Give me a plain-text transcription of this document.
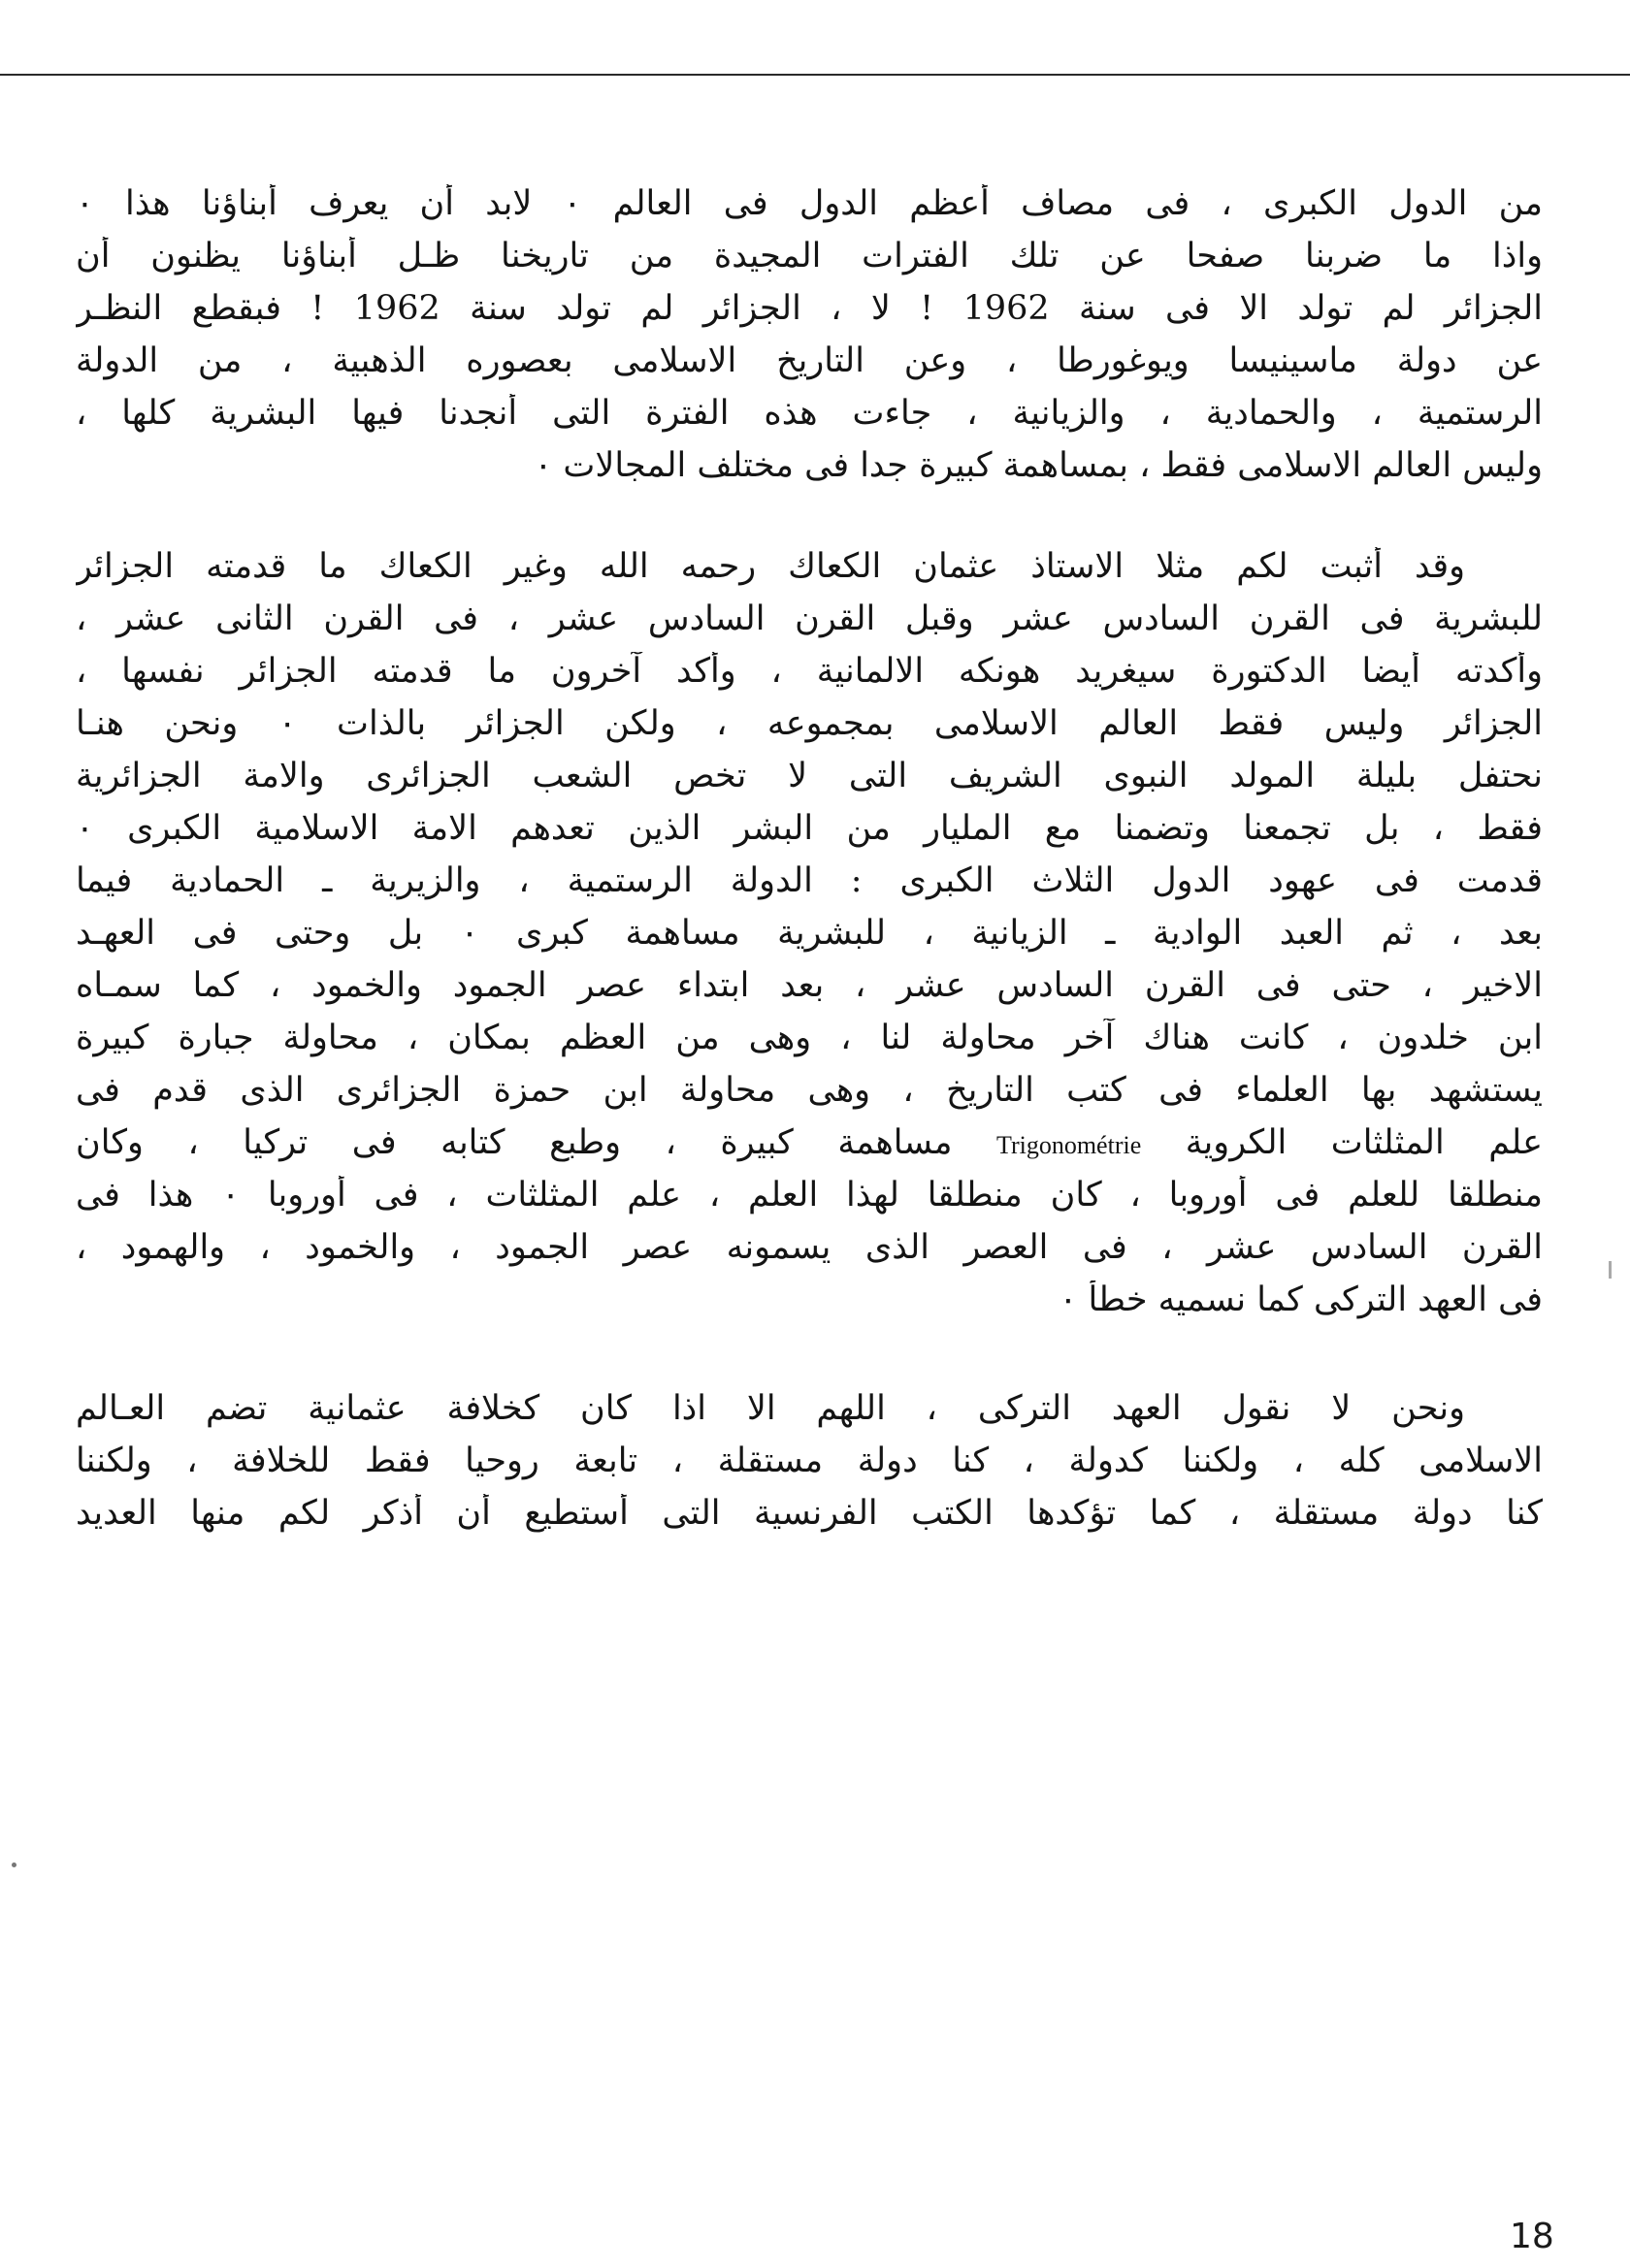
من الدول الكبرى ، فى مصاف أعظم الدول فى العالم ٠ لابد أن يعرف أبناؤنا هذا ٠
واذا ما ضربنا صفحا عن تلك الفترات المجيدة من تاريخنا ظـل أبناؤنا يظنون أن
الجزائر لم تولد الا فى سنة 1962 ! لا ، الجزائر لم تولد سنة 1962 ! فبقطع النظـر
عن دولة ماسينيسا ويوغورطا ، وعن التاريخ الاسلامى بعصوره الذهبية ، من الدولة
الرستمية ، والحمادية ، والزيانية ، جاءت هذه الفترة التى أنجدنا فيها البشرية كلها ،
وليس العالم الاسلامى فقط ، بمساهمة كبيرة جدا فى مختلف المجالات ٠
وقد أثبت لكم مثلا الاستاذ عثمان الكعاك رحمه الله وغير الكعاك ما قدمته الجزائر
للبشرية فى القرن السادس عشر وقبل القرن السادس عشر ، فى القرن الثانى عشر ،
وأكدته أيضا الدكتورة سيغريد هونكه الالمانية ، وأكد آخرون ما قدمته الجزائر نفسها ،
الجزائر وليس فقط العالم الاسلامى بمجموعه ، ولكن الجزائر بالذات ٠ ونحن هنـا
نحتفل بليلة المولد النبوى الشريف التى لا تخص الشعب الجزائرى والامة الجزائرية
فقط ، بل تجمعنا وتضمنا مع المليار من البشر الذين تعدهم الامة الاسلامية الكبرى ٠
قدمت فى عهود الدول الثلاث الكبرى : الدولة الرستمية ، والزيرية ـ الحمادية فيما
بعد ، ثم العبد الوادية ـ الزيانية ، للبشرية مساهمة كبرى ٠ بل وحتى فى العهـد
الاخير ، حتى فى القرن السادس عشر ، بعد ابتداء عصر الجمود والخمود ، كما سمـاه
ابن خلدون ، كانت هناك آخر محاولة لنا ، وهى من العظم بمكان ، محاولة جبارة كبيرة
يستشهد بها العلماء فى كتب التاريخ ، وهى محاولة ابن حمزة الجزائرى الذى قدم فى
علم المثلثات الكروية Trigonométrie مساهمة كبيرة ، وطبع كتابه فى تركيا ، وكان
منطلقا للعلم فى أوروبا ، كان منطلقا لهذا العلم ، علم المثلثات ، فى أوروبا ٠ هذا فى
القرن السادس عشر ، فى العصر الذى يسمونه عصر الجمود ، والخمود ، والهمود ،
فى العهد التركى كما نسميه خطأ ٠
ونحن لا نقول العهد التركى ، اللهم الا اذا كان كخلافة عثمانية تضم العـالم
الاسلامى كله ، ولكننا كدولة ، كنا دولة مستقلة ، تابعة روحيا فقط للخلافة ، ولكننا
كنا دولة مستقلة ، كما تؤكدها الكتب الفرنسية التى أستطيع أن أذكر لكم منها العديد
18
